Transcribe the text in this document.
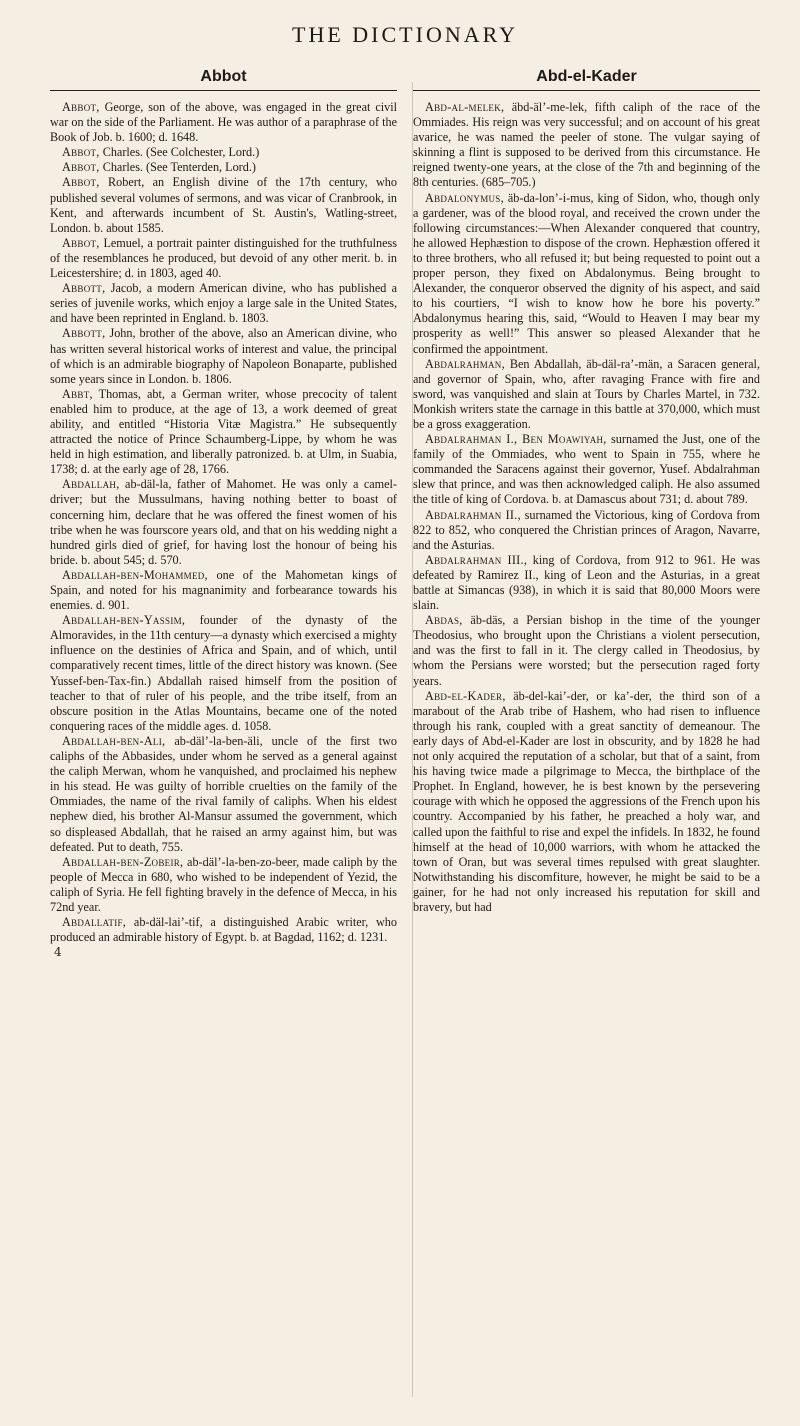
THE DICTIONARY
Abbot

Abbot, George, son of the above, was engaged in the great civil war on the side of the Parliament. He was author of a paraphrase of the Book of Job. b. 1600; d. 1648.

Abbot, Charles. (See Colchester, Lord.)

Abbot, Charles. (See Tenterden, Lord.)

Abbot, Robert, an English divine of the 17th century, who published several volumes of sermons, and was vicar of Cranbrook, in Kent, and afterwards incumbent of St. Austin's, Watling-street, London. b. about 1585.

Abbot, Lemuel, a portrait painter distinguished for the truthfulness of the resemblances he produced, but devoid of any other merit. b. in Leicestershire; d. in 1803, aged 40.

Abbott, Jacob, a modern American divine, who has published a series of juvenile works, which enjoy a large sale in the United States, and have been reprinted in England. b. 1803.

Abbott, John, brother of the above, also an American divine, who has written several historical works of interest and value, the principal of which is an admirable biography of Napoleon Bonaparte, published some years since in London. b. 1806.

Abbt, Thomas, abt, a German writer, whose precocity of talent enabled him to produce, at the age of 13, a work deemed of great ability, and entitled “Historia Vitæ Magistra.” He subsequently attracted the notice of Prince Schaumberg-Lippe, by whom he was held in high estimation, and liberally patronized. b. at Ulm, in Suabia, 1738; d. at the early age of 28, 1766.

Abdallah, ab-däl-la, father of Mahomet. He was only a camel-driver; but the Mussulmans, having nothing better to boast of concerning him, declare that he was offered the finest women of his tribe when he was fourscore years old, and that on his wedding night a hundred girls died of grief, for having lost the honour of being his bride. b. about 545; d. 570.

Abdallah-ben-Mohammed, one of the Mahometan kings of Spain, and noted for his magnanimity and forbearance towards his enemies. d. 901.

Abdallah-ben-Yassim, founder of the dynasty of the Almoravides, in the 11th century—a dynasty which exercised a mighty influence on the destinies of Africa and Spain, and of which, until comparatively recent times, little of the direct history was known. (See Yussef-ben-Tax-fin.) Abdallah raised himself from the position of teacher to that of ruler of his people, and the tribe itself, from an obscure position in the Atlas Mountains, became one of the noted conquering races of the middle ages. d. 1058.

Abdallah-ben-Ali, ab-däl’-la-ben-äli, uncle of the first two caliphs of the Abbasides, under whom he served as a general against the caliph Merwan, whom he vanquished, and proclaimed his nephew in his stead. He was guilty of horrible cruelties on the family of the Ommiades, the name of the rival family of caliphs. When his eldest nephew died, his brother Al-Mansur assumed the government, which so displeased Abdallah, that he raised an army against him, but was defeated. Put to death, 755.

Abdallah-ben-Zobeir, ab-däl’-la-ben-zo-beer, made caliph by the people of Mecca in 680, who wished to be independent of Yezid, the caliph of Syria. He fell fighting bravely in the defence of Mecca, in his 72nd year.

Abdallatif, ab-däl-lai’-tif, a distinguished Arabic writer, who produced an admirable history of Egypt. b. at Bagdad, 1162; d. 1231.

4
Abd-el-Kader

Abd-al-melek, äbd-äl’-me-lek, fifth caliph of the race of the Ommiades. His reign was very successful; and on account of his great avarice, he was named the peeler of stone. The vulgar saying of skinning a flint is supposed to be derived from this circumstance. He reigned twenty-one years, at the close of the 7th and beginning of the 8th centuries. (685–705.)

Abdalonymus, äb-da-lon’-i-mus, king of Sidon, who, though only a gardener, was of the blood royal, and received the crown under the following circumstances:—When Alexander conquered that country, he allowed Hephæstion to dispose of the crown. Hephæstion offered it to three brothers, who all refused it; but being requested to point out a proper person, they fixed on Abdalonymus. Being brought to Alexander, the conqueror observed the dignity of his aspect, and said to his courtiers, “I wish to know how he bore his poverty.” Abdalonymus hearing this, said, “Would to Heaven I may bear my prosperity as well!” This answer so pleased Alexander that he confirmed the appointment.

Abdalrahman, Ben Abdallah, äb-däl-ra’-män, a Saracen general, and governor of Spain, who, after ravaging France with fire and sword, was vanquished and slain at Tours by Charles Martel, in 732. Monkish writers state the carnage in this battle at 370,000, which must be a gross exaggeration.

Abdalrahman I., Ben Moawiyah, surnamed the Just, one of the family of the Ommiades, who went to Spain in 755, where he commanded the Saracens against their governor, Yusef. Abdalrahman slew that prince, and was then acknowledged caliph. He also assumed the title of king of Cordova. b. at Damascus about 731; d. about 789.

Abdalrahman II., surnamed the Victorious, king of Cordova from 822 to 852, who conquered the Christian princes of Aragon, Navarre, and the Asturias.

Abdalrahman III., king of Cordova, from 912 to 961. He was defeated by Ramirez II., king of Leon and the Asturias, in a great battle at Simancas (938), in which it is said that 80,000 Moors were slain.

Abdas, äb-däs, a Persian bishop in the time of the younger Theodosius, who brought upon the Christians a violent persecution, and was the first to fall in it. The clergy called in Theodosius, by whom the Persians were worsted; but the persecution raged forty years.

Abd-el-Kader, äb-del-kai’-der, or ka’-der, the third son of a marabout of the Arab tribe of Hashem, who had risen to influence through his rank, coupled with a great sanctity of demeanour. The early days of Abd-el-Kader are lost in obscurity, and by 1828 he had not only acquired the reputation of a scholar, but that of a saint, from his having twice made a pilgrimage to Mecca, the birthplace of the Prophet. In England, however, he is best known by the persevering courage with which he opposed the aggressions of the French upon his country. Accompanied by his father, he preached a holy war, and called upon the faithful to rise and expel the infidels. In 1832, he found himself at the head of 10,000 warriors, with whom he attacked the town of Oran, but was several times repulsed with great slaughter. Notwithstanding his discomfiture, however, he might be said to be a gainer, for he had not only increased his reputation for skill and bravery, but had
